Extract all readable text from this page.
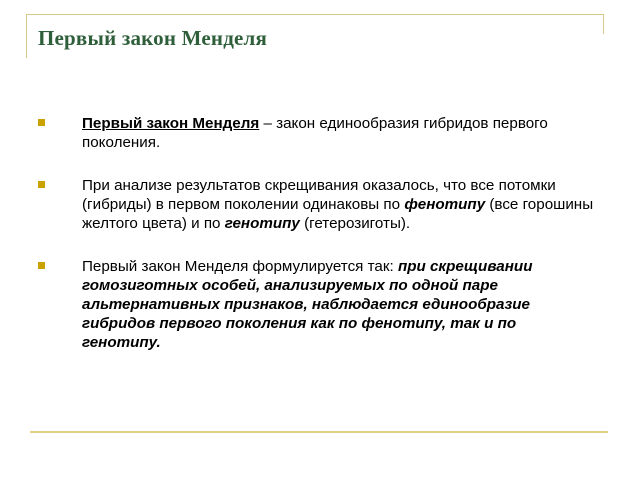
Первый закон Менделя
Первый закон Менделя – закон единообразия гибридов первого поколения.
При анализе результатов скрещивания оказалось, что все потомки (гибриды) в первом поколении одинаковы по фенотипу (все горошины желтого цвета) и по генотипу (гетерозиготы).
Первый закон Менделя формулируется так: при скрещивании гомозиготных особей, анализируемых по одной паре альтернативных признаков, наблюдается единообразие гибридов первого поколения как по фенотипу, так и по генотипу.
